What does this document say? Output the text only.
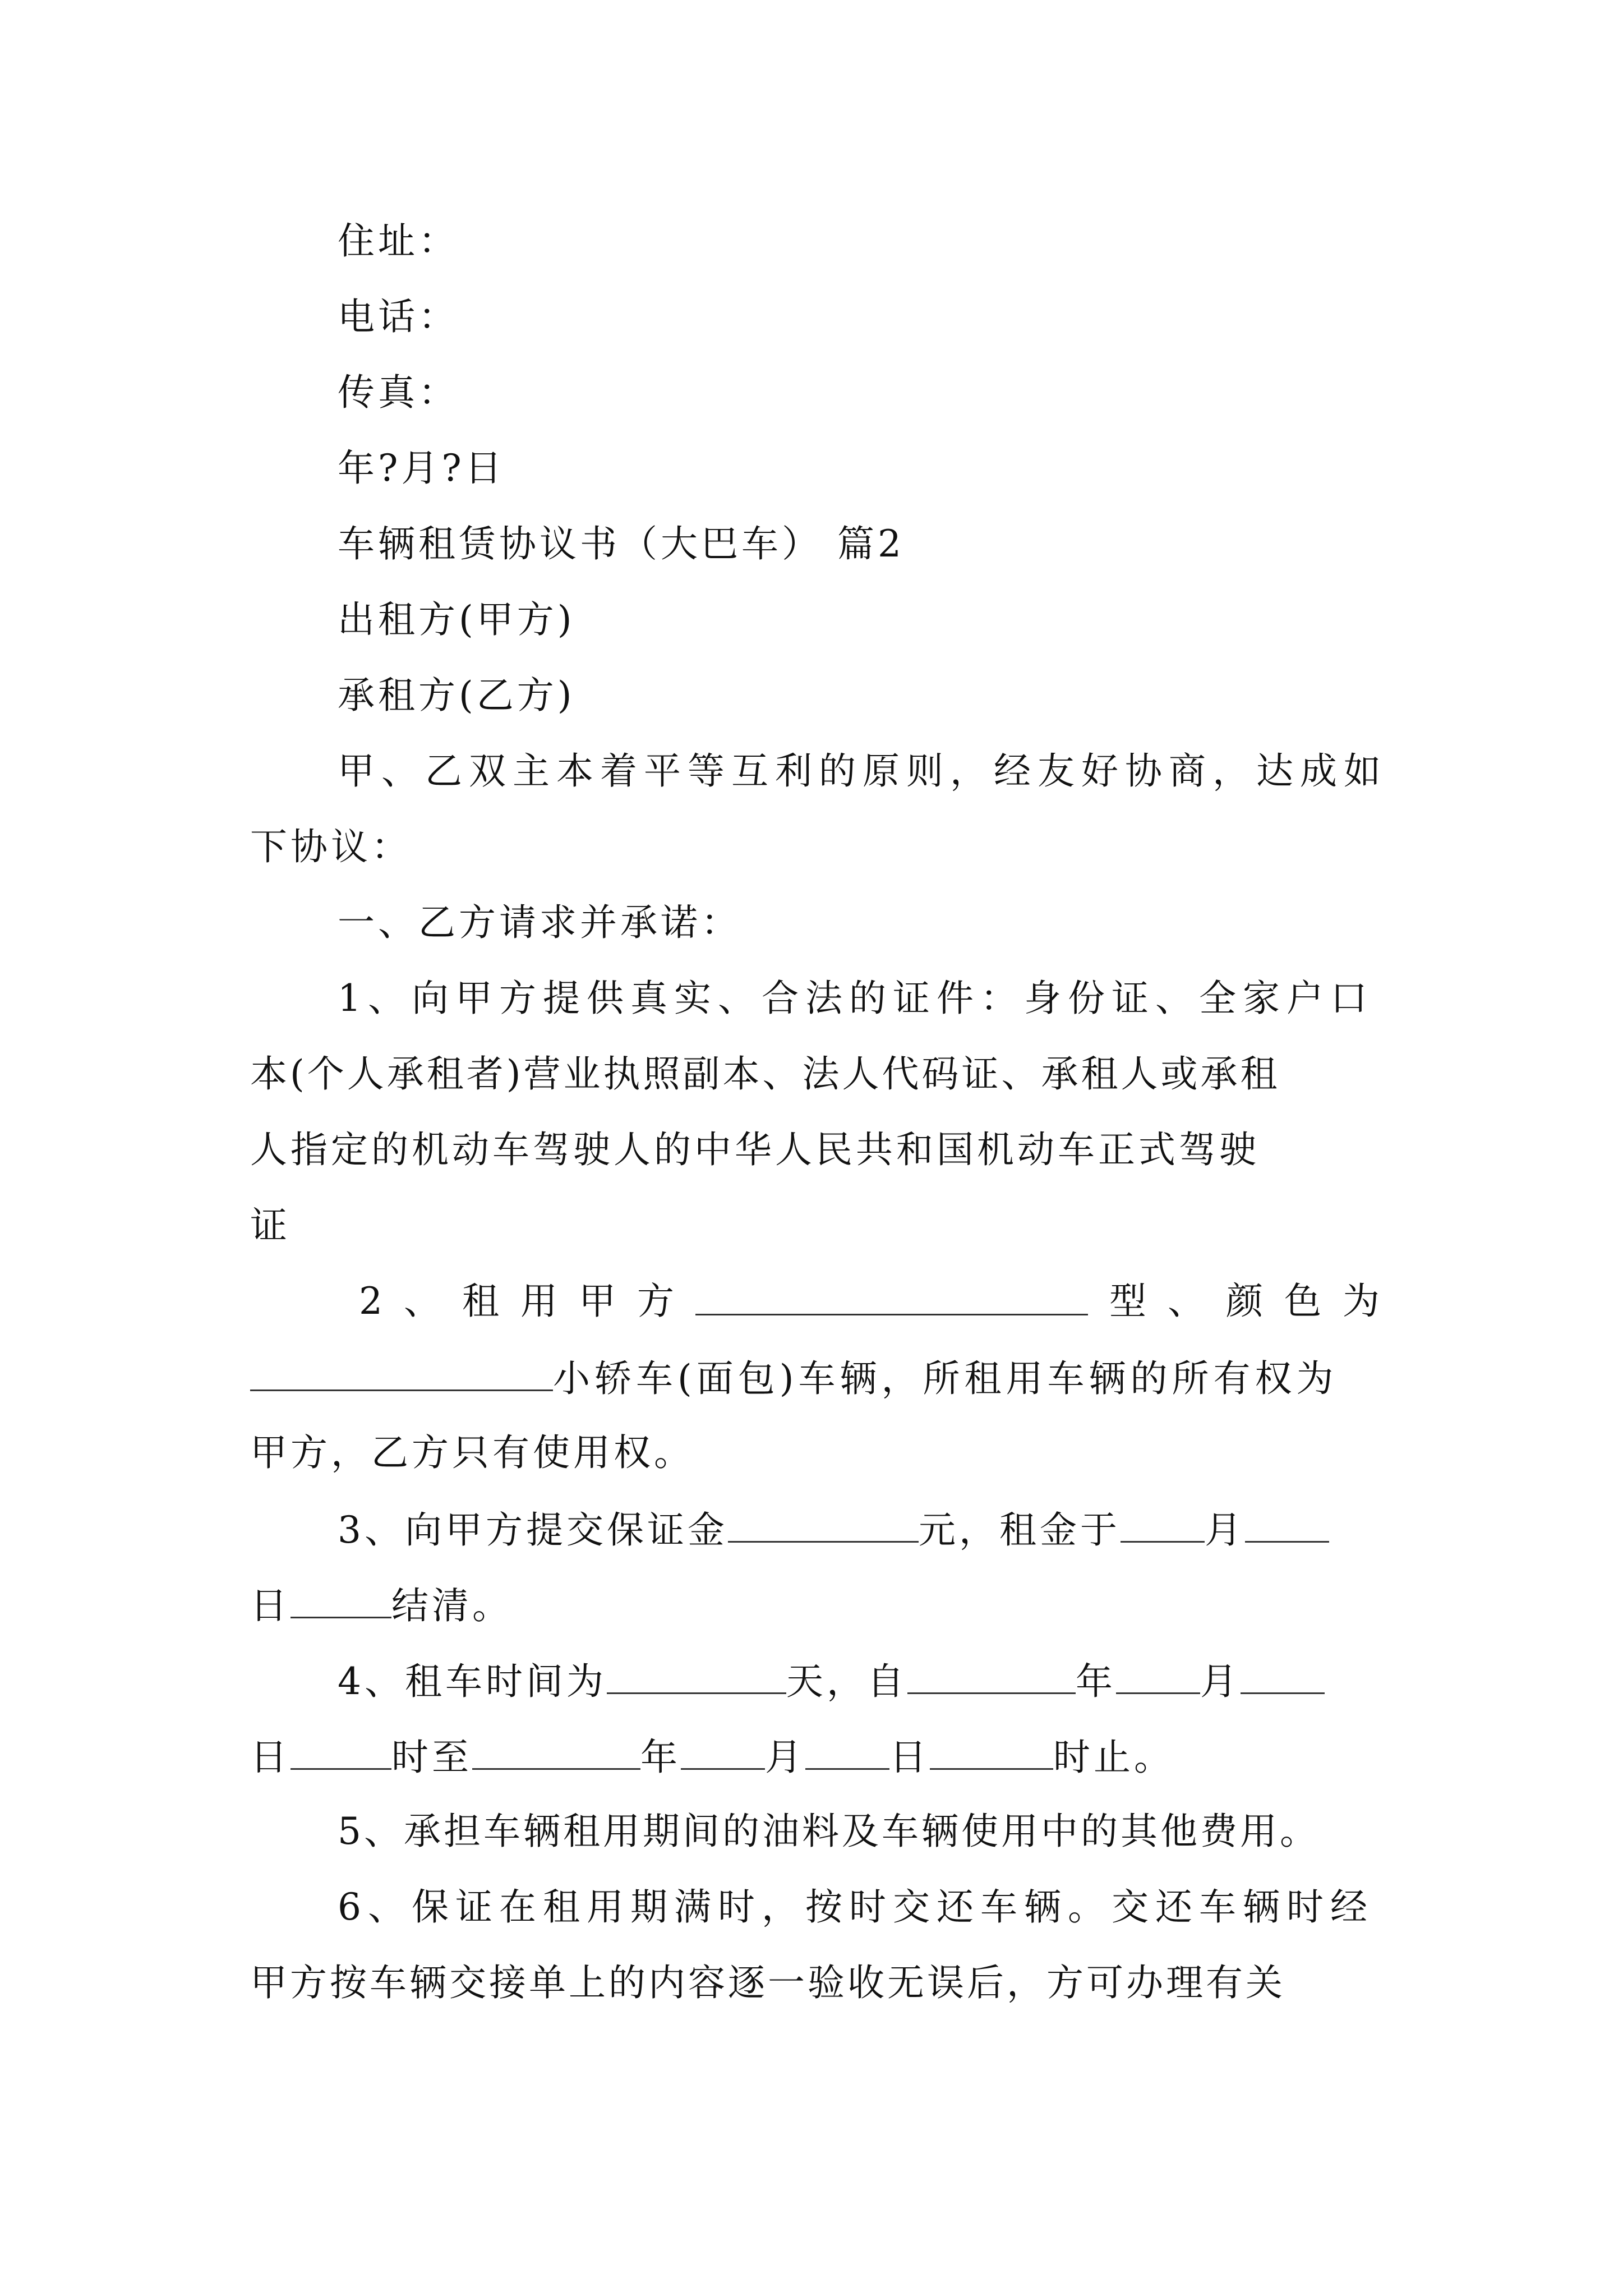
住址：
电话：
传真：
年?月?日
车辆租赁协议书（大巴车） 篇2
出租方(甲方)
承租方(乙方)
甲、乙双主本着平等互利的原则，经友好协商，达成如
下协议：
一、乙方请求并承诺：
1、向甲方提供真实、合法的证件：身份证、全家户口
本(个人承租者)营业执照副本、法人代码证、承租人或承租
人指定的机动车驾驶人的中华人民共和国机动车正式驾驶
证
2 、 租 用 甲 方	型 、 颜 色 为
小轿车(面包)车辆，所租用车辆的所有权为
甲方，乙方只有使用权。
3、向甲方提交保证金	元，租金于 月
日	结清。
4、租车时间为	天，自	年 月
日	时至	年 月 日	时止。
5、承担车辆租用期间的油料及车辆使用中的其他费用。
6、保证在租用期满时，按时交还车辆。交还车辆时经
甲方按车辆交接单上的内容逐一验收无误后，方可办理有关
